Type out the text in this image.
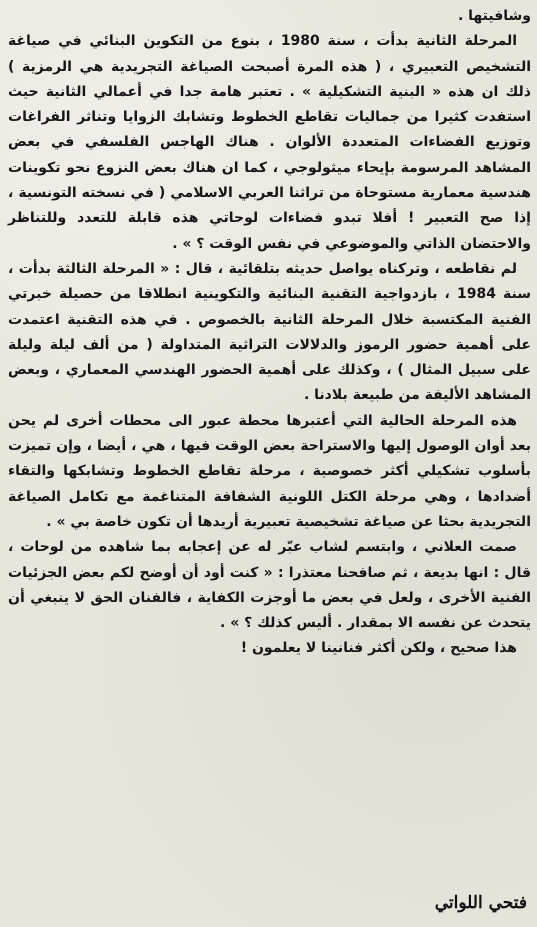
وشافيتها .

المرحلة الثانية بدأت ، سنة 1980 ، بنوع من التكوين البنائي في صياغة التشخيص التعبيري ، ( هذه المرة أصبحت الصياغة التجريدية هي الرمزية ) ذلك ان هذه « البنية التشكيلية » . تعتبر هامة جدا في أعمالي الثانية حيث استفدت كثيرا من جماليات تقاطع الخطوط وتشابك الزوايا وتناثر الفراغات وتوزيع الفضاءات المتعددة الألوان . هناك الهاجس الفلسفي في بعض المشاهد المرسومة بإيحاء ميثولوجي ، كما ان هناك بعض النزوع نحو تكوينات هندسية معمارية مستوحاة من تراثنا العربي الاسلامي ( في نسخته التونسية ، إذا صح التعبير ! أفلا تبدو فضاءات لوحاتي هذه قابلة للتعدد وللتناظر والاحتضان الذاتي والموضوعي في نفس الوقت ؟ » .

لم نقاطعه ، وتركناه يواصل حديثه بتلقائية ، قال : « المرحلة الثالثة بدأت ، سنة 1984 ، بازدواجية التقنية البنائية والتكوينية انطلاقا من حصيلة خبرتي الفنية المكتسبة خلال المرحلة الثانية بالخصوص . في هذه التقنية اعتمدت على أهمية حضور الرموز والدلالات التراثية المتداولة ( من ألف ليلة وليلة على سبيل المثال ) ، وكذلك على أهمية الحضور الهندسي المعماري ، وبعض المشاهد الأليفة من طبيعة بلادنا .

هذه المرحلة الحالية التي أعتبرها محطة عبور الى محطات أخرى لم يحن بعد أوان الوصول إليها والاستراحة بعض الوقت فيها ، هي ، أيضا ، وإن تميزت بأسلوب تشكيلي أكثر خصوصية ، مرحلة تقاطع الخطوط وتشابكها والتقاء أضدادها ، وهي مرحلة الكتل اللونية الشفافة المتناغمة مع تكامل الصياغة التجريدية بحثا عن صياغة تشخيصية تعبيرية أريدها أن تكون خاصة بي » .

صمت العلاني ، وابتسم لشاب عبّر له عن إعجابه بما شاهده من لوحات ، قال : انها بديعة ، ثم صافحنا معتذرا : « كنت أود أن أوضح لكم بعض الجزئيات الفنية الأخرى ، ولعل في بعض ما أوجزت الكفاية ، فالفنان الحق لا ينبغي أن يتحدث عن نفسه الا بمقدار . أليس كذلك ؟ » .

هذا صحيح ، ولكن أكثر فنانينا لا يعلمون !

فتحي اللواتي
